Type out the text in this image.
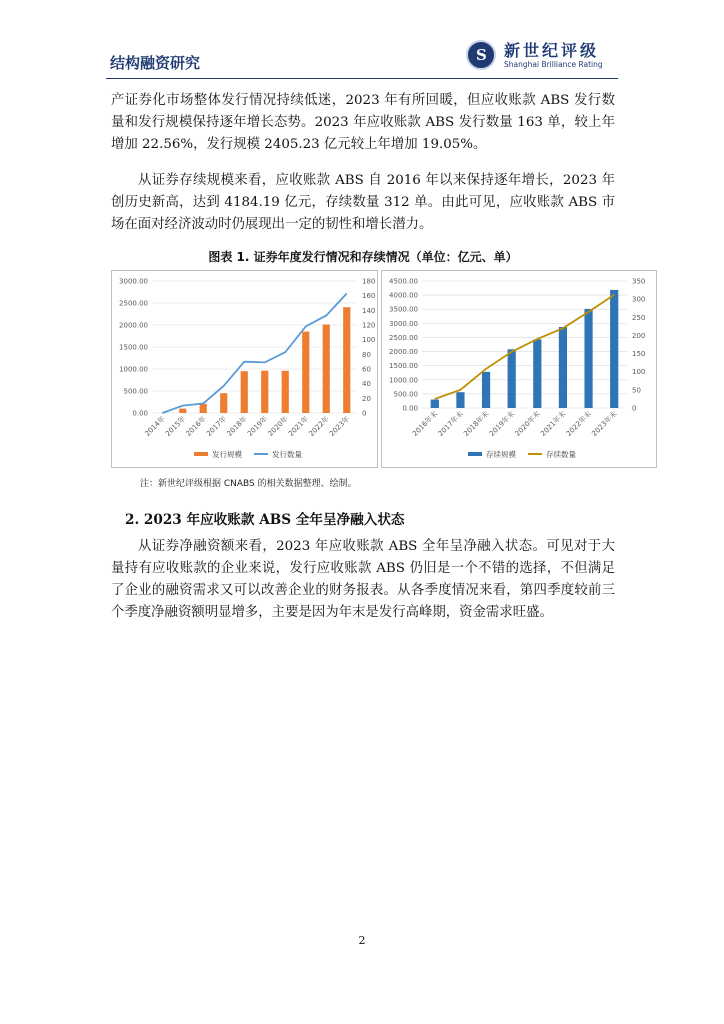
结构融资研究
S
新世纪评级
Shanghai Brilliance Rating
产证券化市场整体发行情况持续低迷，2023 年有所回暖，但应收账款 ABS 发行数量和发行规模保持逐年增长态势。2023 年应收账款 ABS 发行数量 163 单，较上年增加 22.56%，发行规模 2405.23 亿元较上年增加 19.05%。
从证券存续规模来看，应收账款 ABS 自 2016 年以来保持逐年增长，2023 年创历史新高，达到 4184.19 亿元，存续数量 312 单。由此可见，应收账款 ABS 市场在面对经济波动时仍展现出一定的韧性和增长潜力。
图表 1. 证券年度发行情况和存续情况（单位：亿元、单）
0.00
500.00
1000.00
1500.00
2000.00
2500.00
3000.00
0
20
40
60
80
100
120
140
160
180
2014年
2015年
2016年
2017年
2018年
2019年
2020年
2021年
2022年
2023年
发行规模	发行数量
0.00
500.00
1000.00
1500.00
2000.00
2500.00
3000.00
3500.00
4000.00
4500.00
0
50
100
150
200
250
300
350
2016年末
2017年末
2018年末
2019年末
2020年末
2021年末
2022年末
2023年末
存续规模	存续数量
注：新世纪评级根据 CNABS 的相关数据整理、绘制。
2. 2023 年应收账款 ABS 全年呈净融入状态
从证券净融资额来看，2023 年应收账款 ABS 全年呈净融入状态。可见对于大量持有应收账款的企业来说，发行应收账款 ABS 仍旧是一个不错的选择，不但满足了企业的融资需求又可以改善企业的财务报表。从各季度情况来看，第四季度较前三个季度净融资额明显增多，主要是因为年末是发行高峰期，资金需求旺盛。
2
